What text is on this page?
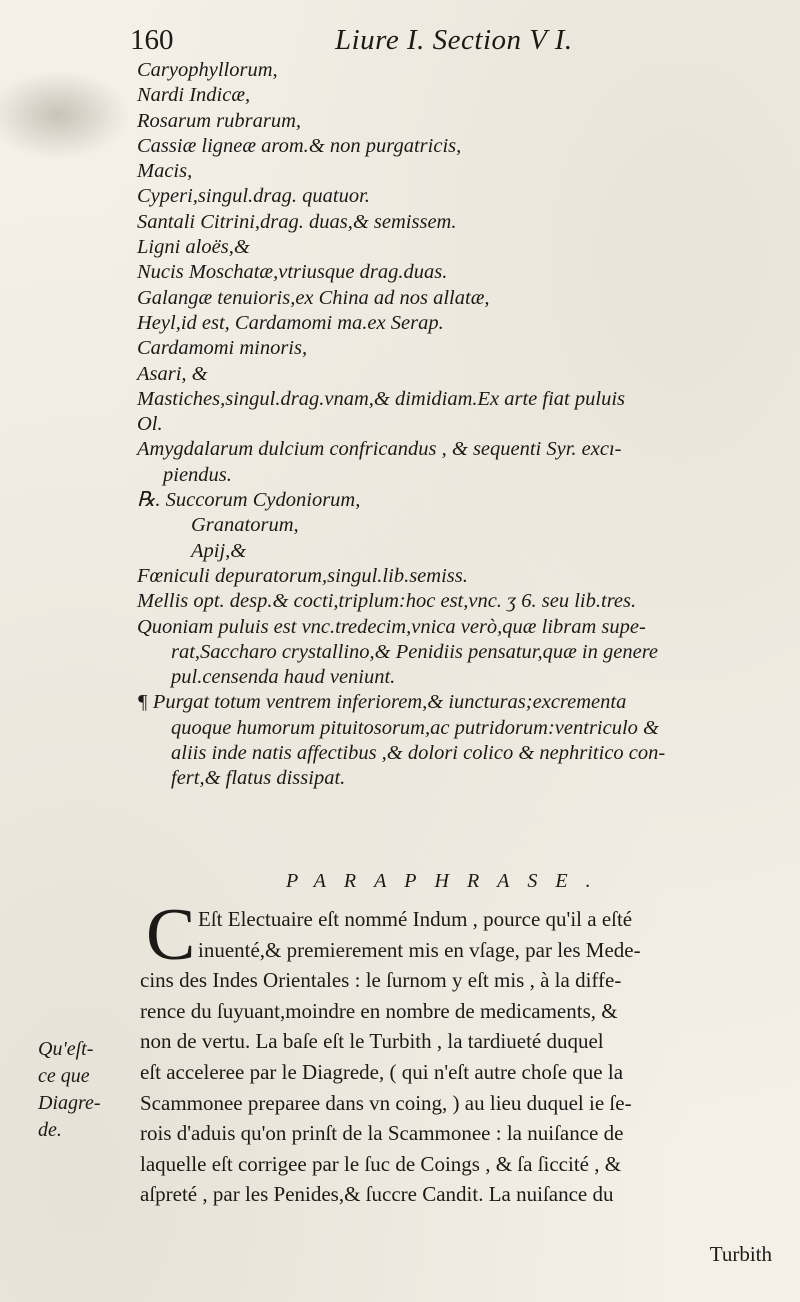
160	Liure I. Section V I.
Caryophyllorum,
Nardi Indicæ,
Rosarum rubrarum,
Cassiæ ligneæ arom.& non purgatricis,
Macis,
Cyperi,singul.drag. quatuor.
Santali Citrini,drag. duas,& semissem.
Ligni aloës,&
Nucis Moschatæ,vtriusque drag.duas.
Galangæ tenuioris,ex China ad nos allatæ,
Heyl,id est, Cardamomi ma.ex Serap.
Cardamomi minoris,
Asari, &
Mastiches,singul.drag.vnam,& dimidiam.Ex arte fiat puluis
Ol.
Amygdalarum dulcium confricandus , & sequenti Syr. excı-
piendus.
℞. Succorum Cydoniorum,
Granatorum,
Apij,&
Fœniculi depuratorum,singul.lib.semiss.
Mellis opt. desp.& cocti,triplum:hoc est,vnc. ʒ 6. seu lib.tres.
Quoniam puluis est vnc.tredecim,vnica verò,quæ libram supe-
rat,Saccharo crystallino,& Penidiis pensatur,quæ in genere
pul.censenda haud veniunt.
¶ Purgat totum ventrem inferiorem,& iuncturas;excrementa
quoque humorum pituitosorum,ac putridorum:ventriculo &
aliis inde natis affectibus ,& dolori colico & nephritico con-
fert,& flatus dissipat.
PARAPHRASE.
C Eſt Electuaire eſt nommé Indum , pource qu'il a eſté
inuenté,& premierement mis en vſage, par les Mede-
cins des Indes Orientales : le ſurnom y eſt mis , à la diffe-
rence du ſuyuant,moindre en nombre de medicaments, &
non de vertu. La baſe eſt le Turbith , la tardiueté duquel
eſt acceleree par le Diagrede, ( qui n'eſt autre choſe que la
Scammonee preparee dans vn coing, ) au lieu duquel ie ſe-
rois d'aduis qu'on prinſt de la Scammonee : la nuiſance de
laquelle eſt corrigee par le ſuc de Coings , & ſa ſiccité , &
aſpreté , par les Penides,& ſuccre Candit. La nuiſance du
Turbith
Qu'eſt-
ce que
Diagre-
de.
